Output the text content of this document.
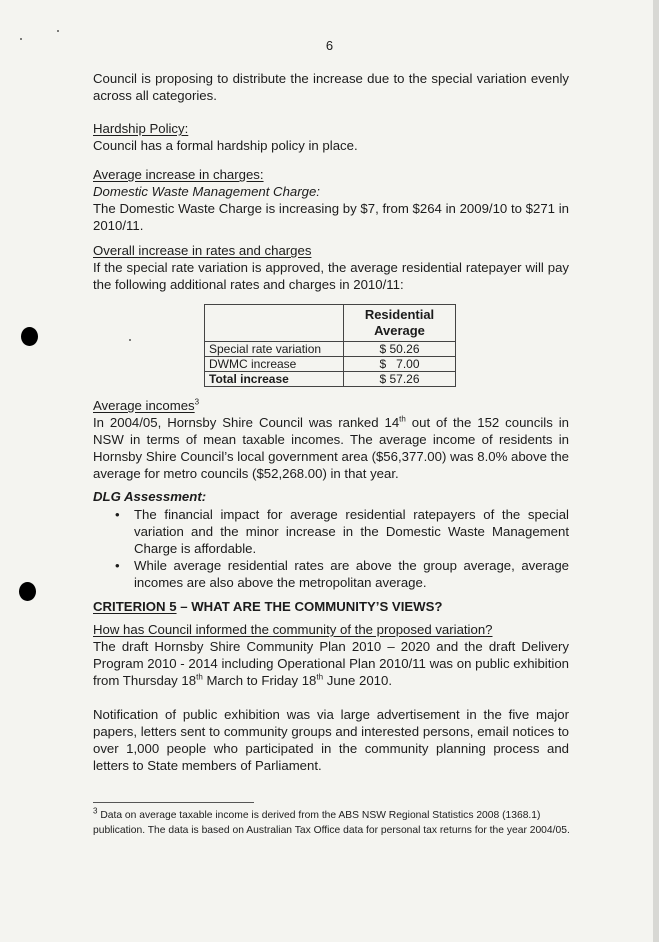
6
Council is proposing to distribute the increase due to the special variation evenly across all categories.
Hardship Policy:
Council has a formal hardship policy in place.
Average increase in charges:
Domestic Waste Management Charge:
The Domestic Waste Charge is increasing by $7, from $264 in 2009/10 to $271 in 2010/11.
Overall increase in rates and charges
If the special rate variation is approved, the average residential ratepayer will pay the following additional rates and charges in 2010/11:
	Residential
Average
Special rate variation	$ 50.26
DWMC increase	$   7.00
Total increase	$ 57.26
Average incomes$^3$
In 2004/05, Hornsby Shire Council was ranked 14th out of the 152 councils in NSW in terms of mean taxable incomes. The average income of residents in Hornsby Shire Council’s local government area ($56,377.00) was 8.0% above the average for metro councils ($52,268.00) in that year.
DLG Assessment:
• The financial impact for average residential ratepayers of the special variation and the minor increase in the Domestic Waste Management Charge is affordable.
• While average residential rates are above the group average, average incomes are also above the metropolitan average.
CRITERION 5 – WHAT ARE THE COMMUNITY’S VIEWS?
How has Council informed the community of the proposed variation?
The draft Hornsby Shire Community Plan 2010 – 2020 and the draft Delivery Program 2010 - 2014 including Operational Plan 2010/11 was on public exhibition from Thursday 18th March to Friday 18th June 2010.
Notification of public exhibition was via large advertisement in the five major papers, letters sent to community groups and interested persons, email notices to over 1,000 people who participated in the community planning process and letters to State members of Parliament.
$^3$ Data on average taxable income is derived from the ABS NSW Regional Statistics 2008 (1368.1) publication. The data is based on Australian Tax Office data for personal tax returns for the year 2004/05.
